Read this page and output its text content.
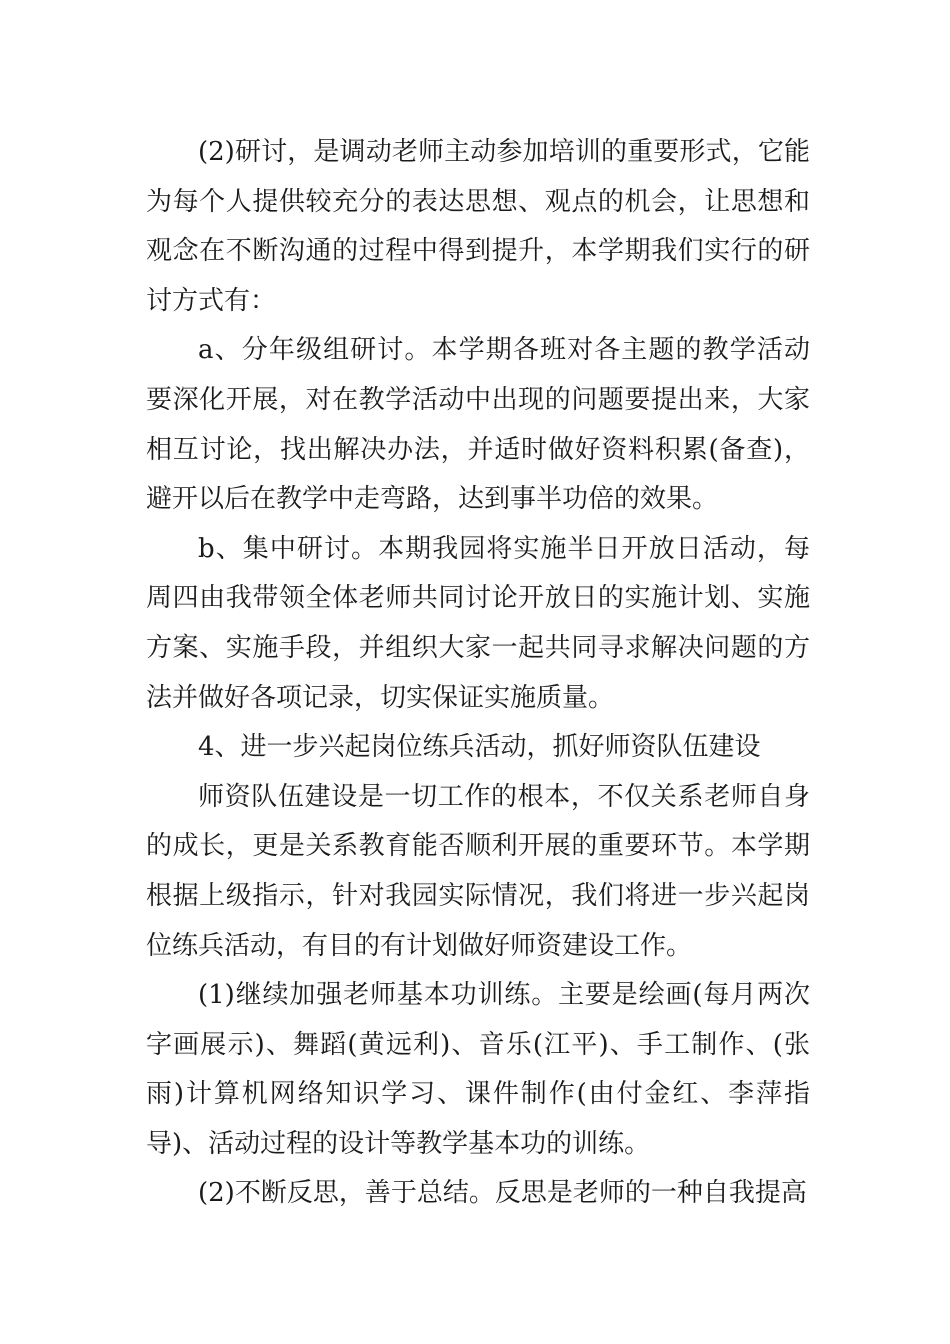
(2)研讨，是调动老师主动参加培训的重要形式，它能为每个人提供较充分的表达思想、观点的机会，让思想和观念在不断沟通的过程中得到提升，本学期我们实行的研讨方式有：

a、分年级组研讨。本学期各班对各主题的教学活动要深化开展，对在教学活动中出现的问题要提出来，大家相互讨论，找出解决办法，并适时做好资料积累(备查)，避开以后在教学中走弯路，达到事半功倍的效果。

b、集中研讨。本期我园将实施半日开放日活动，每周四由我带领全体老师共同讨论开放日的实施计划、实施方案、实施手段，并组织大家一起共同寻求解决问题的方法并做好各项记录，切实保证实施质量。

4、进一步兴起岗位练兵活动，抓好师资队伍建设

师资队伍建设是一切工作的根本，不仅关系老师自身的成长，更是关系教育能否顺利开展的重要环节。本学期根据上级指示，针对我园实际情况，我们将进一步兴起岗位练兵活动，有目的有计划做好师资建设工作。

(1)继续加强老师基本功训练。主要是绘画(每月两次字画展示)、舞蹈(黄远利)、音乐(江平)、手工制作、(张雨)计算机网络知识学习、课件制作(由付金红、李萍指导)、活动过程的设计等教学基本功的训练。

(2)不断反思，善于总结。反思是老师的一种自我提高
